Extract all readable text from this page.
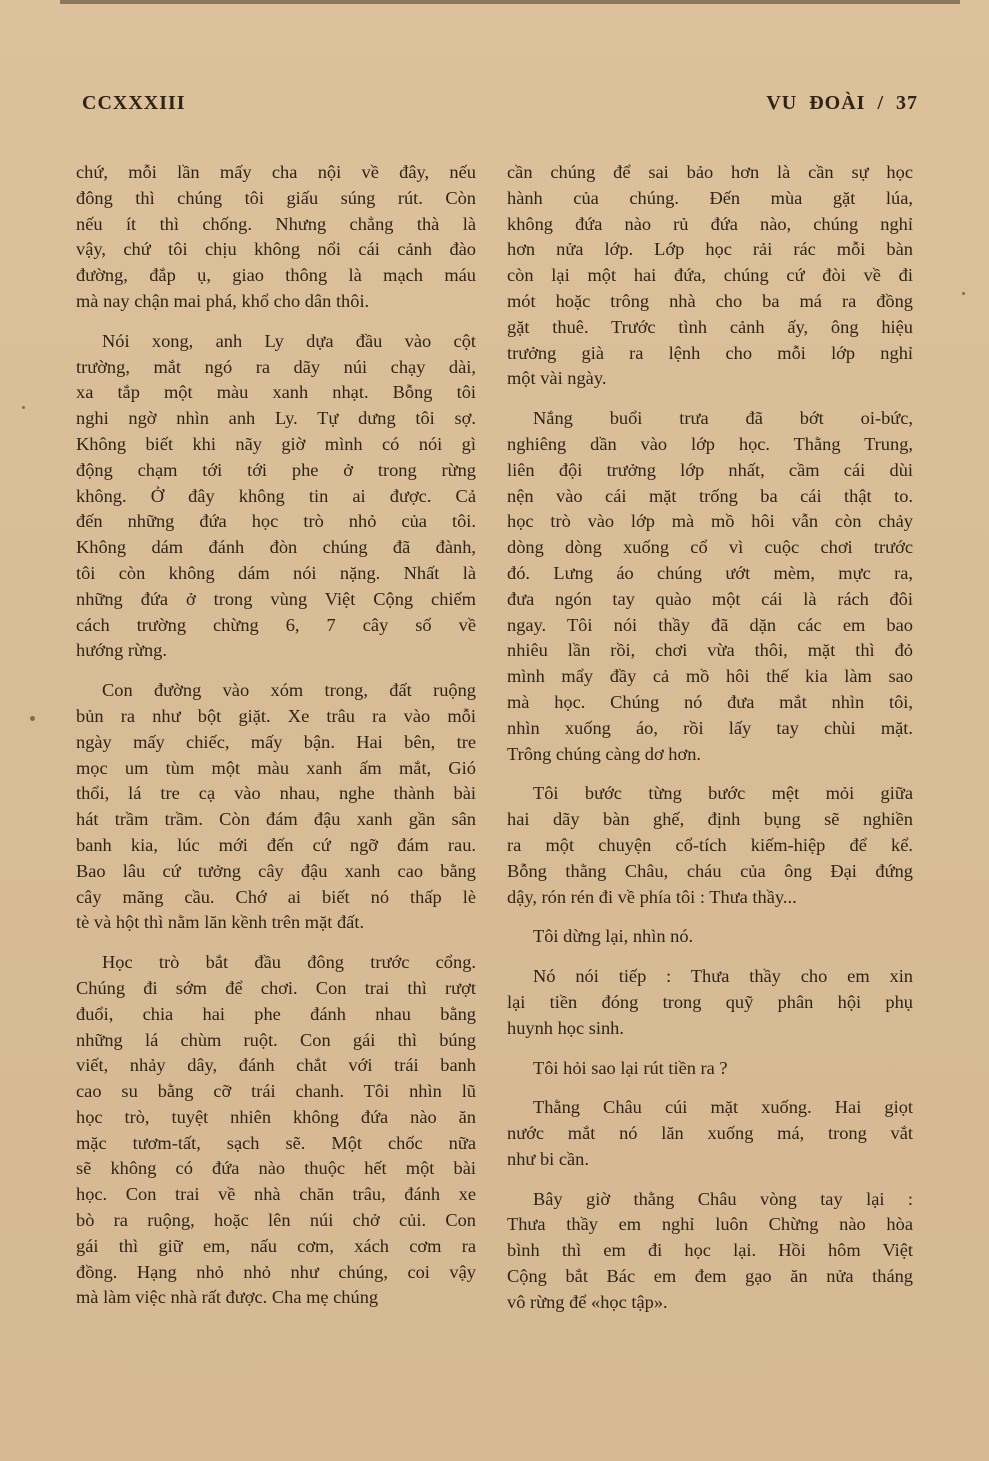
CCXXXIII	VU ĐOÀI / 37
chứ, mỗi lần mấy cha nội về đây, nếu
đông thì chúng tôi giấu súng rút. Còn
nếu ít thì chống. Nhưng chẳng thà là
vậy, chứ tôi chịu không nổi cái cảnh đào
đường, đắp ụ, giao thông là mạch máu
mà nay chận mai phá, khổ cho dân thôi.
Nói xong, anh Ly dựa đầu vào cột
trường, mắt ngó ra dãy núi chạy dài,
xa tắp một màu xanh nhạt. Bỗng tôi
nghi ngờ nhìn anh Ly. Tự dưng tôi sợ.
Không biết khi nãy giờ mình có nói gì
động chạm tới tới phe ở trong rừng
không. Ở đây không tin ai được. Cả
đến những đứa học trò nhỏ của tôi.
Không dám đánh đòn chúng đã đành,
tôi còn không dám nói nặng. Nhất là
những đứa ở trong vùng Việt Cộng chiếm
cách trường chừng 6, 7 cây số về
hướng rừng.
Con đường vào xóm trong, đất ruộng
bủn ra như bột giặt. Xe trâu ra vào mỗi
ngày mấy chiếc, mấy bận. Hai bên, tre
mọc um tùm một màu xanh ấm mắt, Gió
thổi, lá tre cạ vào nhau, nghe thành bài
hát trầm trầm. Còn đám đậu xanh gần sân
banh kia, lúc mới đến cứ ngỡ đám rau.
Bao lâu cứ tưởng cây đậu xanh cao bằng
cây mãng cầu. Chớ ai biết nó thấp lè
tè và hột thì nằm lăn kềnh trên mặt đất.
Học trò bắt đầu đông trước cổng.
Chúng đi sớm để chơi. Con trai thì rượt
đuổi, chia hai phe đánh nhau bằng
những lá chùm ruột. Con gái thì búng
viết, nhảy dây, đánh chắt với trái banh
cao su bằng cỡ trái chanh. Tôi nhìn lũ
học trò, tuyệt nhiên không đứa nào ăn
mặc tươm-tất, sạch sẽ. Một chốc nữa
sẽ không có đứa nào thuộc hết một bài
học. Con trai về nhà chăn trâu, đánh xe
bò ra ruộng, hoặc lên núi chở củi. Con
gái thì giữ em, nấu cơm, xách cơm ra
đồng. Hạng nhỏ nhỏ như chúng, coi vậy
mà làm việc nhà rất được. Cha mẹ chúng
cần chúng để sai bảo hơn là cần sự học
hành của chúng. Đến mùa gặt lúa,
không đứa nào rủ đứa nào, chúng nghỉ
hơn nửa lớp. Lớp học rải rác mỗi bàn
còn lại một hai đứa, chúng cứ đòi về đi
mót hoặc trông nhà cho ba má ra đồng
gặt thuê. Trước tình cảnh ấy, ông hiệu
trưởng già ra lệnh cho mỗi lớp nghỉ
một vài ngày.
Nắng buổi trưa đã bớt oi-bức,
nghiêng dần vào lớp học. Thằng Trung,
liên đội trưởng lớp nhất, cầm cái dùi
nện vào cái mặt trống ba cái thật to.
học trò vào lớp mà mồ hôi vẫn còn chảy
dòng dòng xuống cổ vì cuộc chơi trước
đó. Lưng áo chúng ướt mèm, mực ra,
đưa ngón tay quào một cái là rách đôi
ngay. Tôi nói thầy đã dặn các em bao
nhiêu lần rồi, chơi vừa thôi, mặt thì đỏ
mình mẩy đầy cả mồ hôi thế kia làm sao
mà học. Chúng nó đưa mắt nhìn tôi,
nhìn xuống áo, rồi lấy tay chùi mặt.
Trông chúng càng dơ hơn.
Tôi bước từng bước mệt mỏi giữa
hai dãy bàn ghế, định bụng sẽ nghiền
ra một chuyện cổ-tích kiếm-hiệp để kể.
Bỗng thằng Châu, cháu của ông Đại đứng
dậy, rón rén đi về phía tôi : Thưa thầy...
Tôi dừng lại, nhìn nó.
Nó nói tiếp : Thưa thầy cho em xin
lại tiền đóng trong quỹ phân hội phụ
huynh học sinh.
Tôi hỏi sao lại rút tiền ra ?
Thằng Châu cúi mặt xuống. Hai giọt
nước mắt nó lăn xuống má, trong vắt
như bi cần.
Bây giờ thằng Châu vòng tay lại :
Thưa thầy em nghỉ luôn Chừng nào hòa
bình thì em đi học lại. Hồi hôm Việt
Cộng bắt Bác em đem gạo ăn nửa tháng
vô rừng để «học tập».
